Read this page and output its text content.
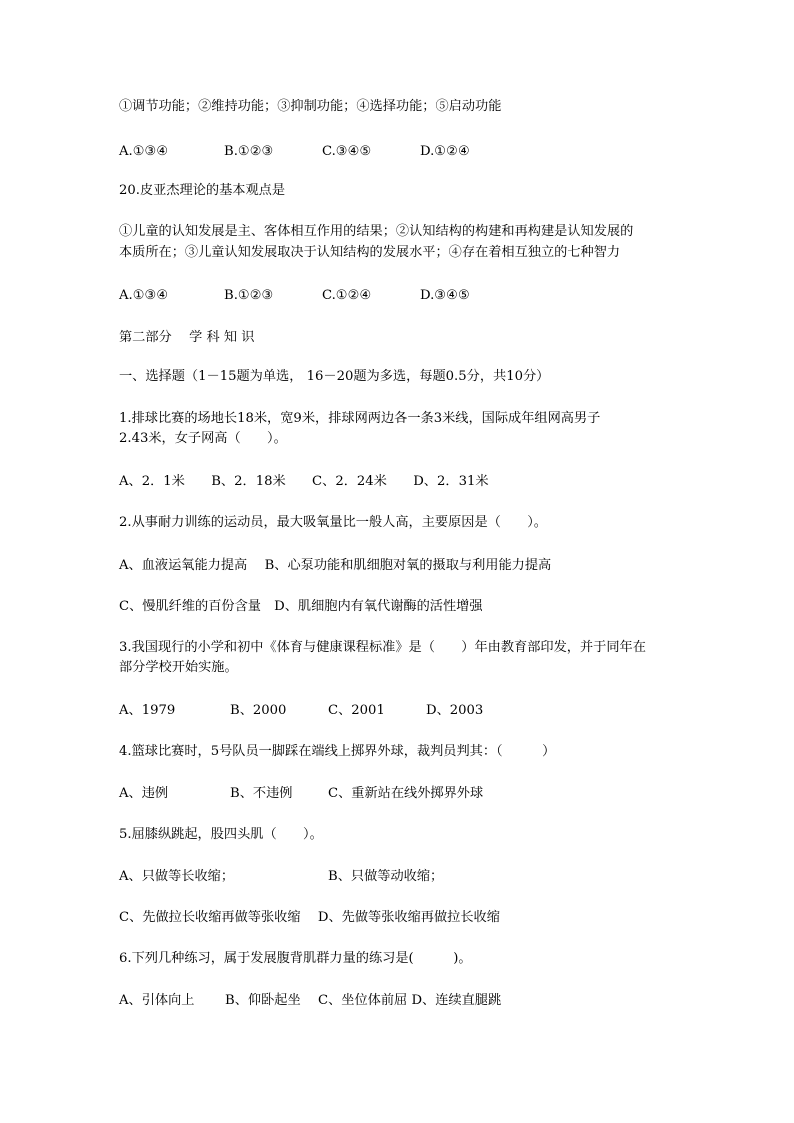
①调节功能；②维持功能；③抑制功能；④选择功能；⑤启动功能
A.①③④	B.①②③	C.③④⑤	D.①②④
20.皮亚杰理论的基本观点是
①儿童的认知发展是主、客体相互作用的结果；②认知结构的构建和再构建是认知发展的
本质所在；③儿童认知发展取决于认知结构的发展水平；④存在着相互独立的七种智力
A.①③④	B.①②③	C.①②④	D.③④⑤
第二部分　 学 科 知 识
一、选择题（1－15题为单选， 16－20题为多选，每题0.5分，共10分）
1.排球比赛的场地长18米，宽9米，排球网两边各一条3米线，国际成年组网高男子
2.43米，女子网高（　　）。
A、2．1米　　B、2．18米　　C、2．24米　　D、2．31米
2.从事耐力训练的运动员，最大吸氧量比一般人高，主要原因是（　　）。
A、血液运氧能力提高　 B、心泵功能和肌细胞对氧的摄取与利用能力提高
C、慢肌纤维的百份含量　D、肌细胞内有氧代谢酶的活性增强
3.我国现行的小学和初中《体育与健康课程标准》是（　　）年由教育部印发，并于同年在
部分学校开始实施。
A、1979	B、2000	C、2001	D、2003
4.篮球比赛时，5号队员一脚踩在端线上掷界外球，裁判员判其：（　　　）
A、违例	B、不违例	C、重新站在线外掷界外球
5.屈膝纵跳起，股四头肌（　　）。
A、只做等长收缩；	B、只做等动收缩；
C、先做拉长收缩再做等张收缩　 D、先做等张收缩再做拉长收缩
6.下列几种练习，属于发展腹背肌群力量的练习是(　　　)。
A、引体向上　　 B、仰卧起坐　 C、坐位体前屈 D、连续直腿跳
